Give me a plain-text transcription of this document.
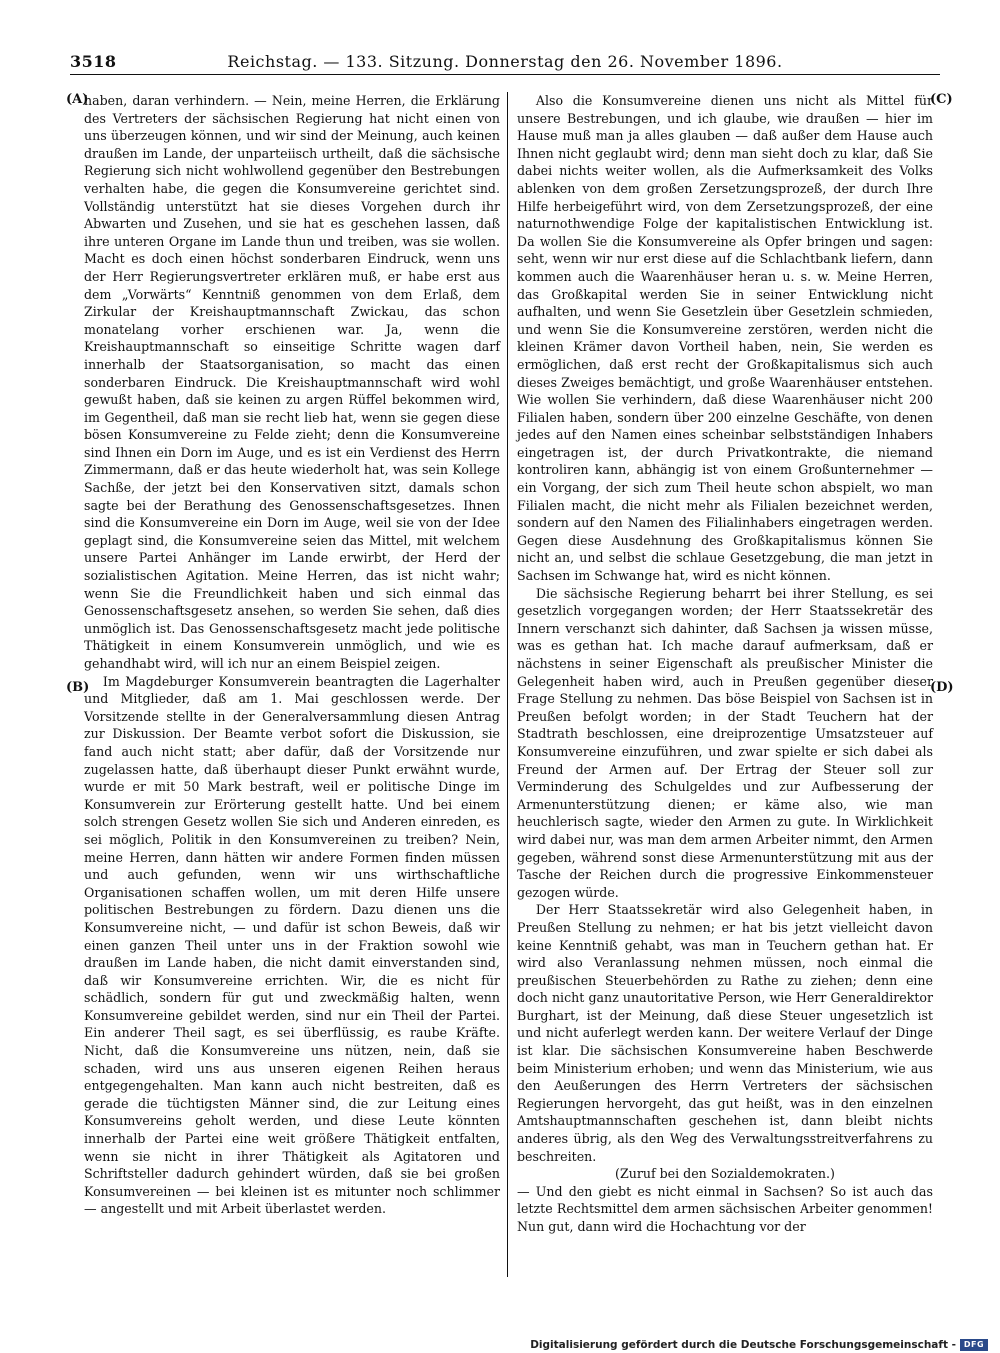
3518	Reichstag. — 133. Sitzung. Donnerstag den 26. November 1896.
(A)
(B)
(C)
(D)

haben, daran verhindern. — Nein, meine Herren, die Erklärung des Vertreters der sächsischen Regierung hat nicht einen von uns überzeugen können, und wir sind der Meinung, auch keinen draußen im Lande, der unparteiisch urtheilt, daß die sächsische Regierung sich nicht wohlwollend gegenüber den Bestrebungen verhalten habe, die gegen die Konsumvereine gerichtet sind. Vollständig unterstützt hat sie dieses Vorgehen durch ihr Abwarten und Zusehen, und sie hat es geschehen lassen, daß ihre unteren Organe im Lande thun und treiben, was sie wollen. Macht es doch einen höchst sonderbaren Eindruck, wenn uns der Herr Regierungsvertreter erklären muß, er habe erst aus dem „Vorwärts“ Kenntniß genommen von dem Erlaß, dem Zirkular der Kreishauptmannschaft Zwickau, das schon monatelang vorher erschienen war. Ja, wenn die Kreishauptmannschaft so einseitige Schritte wagen darf innerhalb der Staatsorganisation, so macht das einen sonderbaren Eindruck. Die Kreishauptmannschaft wird wohl gewußt haben, daß sie keinen zu argen Rüffel bekommen wird, im Gegentheil, daß man sie recht lieb hat, wenn sie gegen diese bösen Konsumvereine zu Felde zieht; denn die Konsumvereine sind Ihnen ein Dorn im Auge, und es ist ein Verdienst des Herrn Zimmermann, daß er das heute wiederholt hat, was sein Kollege Sachße, der jetzt bei den Konservativen sitzt, damals schon sagte bei der Berathung des Genossenschaftsgesetzes. Ihnen sind die Konsumvereine ein Dorn im Auge, weil sie von der Idee geplagt sind, die Konsumvereine seien das Mittel, mit welchem unsere Partei Anhänger im Lande erwirbt, der Herd der sozialistischen Agitation. Meine Herren, das ist nicht wahr; wenn Sie die Freundlichkeit haben und sich einmal das Genossenschaftsgesetz ansehen, so werden Sie sehen, daß dies unmöglich ist. Das Genossenschaftsgesetz macht jede politische Thätigkeit in einem Konsumverein unmöglich, und wie es gehandhabt wird, will ich nur an einem Beispiel zeigen.

Im Magdeburger Konsumverein beantragten die Lagerhalter und Mitglieder, daß am 1. Mai geschlossen werde. Der Vorsitzende stellte in der Generalversammlung diesen Antrag zur Diskussion. Der Beamte verbot sofort die Diskussion, sie fand auch nicht statt; aber dafür, daß der Vorsitzende nur zugelassen hatte, daß überhaupt dieser Punkt erwähnt wurde, wurde er mit 50 Mark bestraft, weil er politische Dinge im Konsumverein zur Erörterung gestellt hatte. Und bei einem solch strengen Gesetz wollen Sie sich und Anderen einreden, es sei möglich, Politik in den Konsumvereinen zu treiben? Nein, meine Herren, dann hätten wir andere Formen finden müssen und auch gefunden, wenn wir uns wirthschaftliche Organisationen schaffen wollen, um mit deren Hilfe unsere politischen Bestrebungen zu fördern. Dazu dienen uns die Konsumvereine nicht, — und dafür ist schon Beweis, daß wir einen ganzen Theil unter uns in der Fraktion sowohl wie draußen im Lande haben, die nicht damit einverstanden sind, daß wir Konsumvereine errichten. Wir, die es nicht für schädlich, sondern für gut und zweckmäßig halten, wenn Konsumvereine gebildet werden, sind nur ein Theil der Partei. Ein anderer Theil sagt, es sei überflüssig, es raube Kräfte. Nicht, daß die Konsumvereine uns nützen, nein, daß sie schaden, wird uns aus unseren eigenen Reihen heraus entgegengehalten. Man kann auch nicht bestreiten, daß es gerade die tüchtigsten Männer sind, die zur Leitung eines Konsumvereins geholt werden, und diese Leute könnten innerhalb der Partei eine weit größere Thätigkeit entfalten, wenn sie nicht in ihrer Thätigkeit als Agitatoren und Schriftsteller dadurch gehindert würden, daß sie bei großen Konsumvereinen — bei kleinen ist es mitunter noch schlimmer — angestellt und mit Arbeit überlastet werden.

Also die Konsumvereine dienen uns nicht als Mittel für unsere Bestrebungen, und ich glaube, wie draußen — hier im Hause muß man ja alles glauben — daß außer dem Hause auch Ihnen nicht geglaubt wird; denn man sieht doch zu klar, daß Sie dabei nichts weiter wollen, als die Aufmerksamkeit des Volks ablenken von dem großen Zersetzungsprozeß, der durch Ihre Hilfe herbeigeführt wird, von dem Zersetzungsprozeß, der eine naturnothwendige Folge der kapitalistischen Entwicklung ist. Da wollen Sie die Konsumvereine als Opfer bringen und sagen: seht, wenn wir nur erst diese auf die Schlachtbank liefern, dann kommen auch die Waarenhäuser heran u. s. w. Meine Herren, das Großkapital werden Sie in seiner Entwicklung nicht aufhalten, und wenn Sie Gesetzlein über Gesetzlein schmieden, und wenn Sie die Konsumvereine zerstören, werden nicht die kleinen Krämer davon Vortheil haben, nein, Sie werden es ermöglichen, daß erst recht der Großkapitalismus sich auch dieses Zweiges bemächtigt, und große Waarenhäuser entstehen. Wie wollen Sie verhindern, daß diese Waarenhäuser nicht 200 Filialen haben, sondern über 200 einzelne Geschäfte, von denen jedes auf den Namen eines scheinbar selbstständigen Inhabers eingetragen ist, der durch Privatkontrakte, die niemand kontroliren kann, abhängig ist von einem Großunternehmer — ein Vorgang, der sich zum Theil heute schon abspielt, wo man Filialen macht, die nicht mehr als Filialen bezeichnet werden, sondern auf den Namen des Filialinhabers eingetragen werden. Gegen diese Ausdehnung des Großkapitalismus können Sie nicht an, und selbst die schlaue Gesetzgebung, die man jetzt in Sachsen im Schwange hat, wird es nicht können.

Die sächsische Regierung beharrt bei ihrer Stellung, es sei gesetzlich vorgegangen worden; der Herr Staatssekretär des Innern verschanzt sich dahinter, daß Sachsen ja wissen müsse, was es gethan hat. Ich mache darauf aufmerksam, daß er nächstens in seiner Eigenschaft als preußischer Minister die Gelegenheit haben wird, auch in Preußen gegenüber dieser Frage Stellung zu nehmen. Das böse Beispiel von Sachsen ist in Preußen befolgt worden; in der Stadt Teuchern hat der Stadtrath beschlossen, eine dreiprozentige Umsatzsteuer auf Konsumvereine einzuführen, und zwar spielte er sich dabei als Freund der Armen auf. Der Ertrag der Steuer soll zur Verminderung des Schulgeldes und zur Aufbesserung der Armenunterstützung dienen; er käme also, wie man heuchlerisch sagte, wieder den Armen zu gute. In Wirklichkeit wird dabei nur, was man dem armen Arbeiter nimmt, den Armen gegeben, während sonst diese Armenunterstützung mit aus der Tasche der Reichen durch die progressive Einkommensteuer gezogen würde.

Der Herr Staatssekretär wird also Gelegenheit haben, in Preußen Stellung zu nehmen; er hat bis jetzt vielleicht davon keine Kenntniß gehabt, was man in Teuchern gethan hat. Er wird also Veranlassung nehmen müssen, noch einmal die preußischen Steuerbehörden zu Rathe zu ziehen; denn eine doch nicht ganz unautoritative Person, wie Herr Generaldirektor Burghart, ist der Meinung, daß diese Steuer ungesetzlich ist und nicht auferlegt werden kann. Der weitere Verlauf der Dinge ist klar. Die sächsischen Konsumvereine haben Beschwerde beim Ministerium erhoben; und wenn das Ministerium, wie aus den Aeußerungen des Herrn Vertreters der sächsischen Regierungen hervorgeht, das gut heißt, was in den einzelnen Amtshauptmannschaften geschehen ist, dann bleibt nichts anderes übrig, als den Weg des Verwaltungsstreitverfahrens zu beschreiten.

(Zuruf bei den Sozialdemokraten.)

— Und den giebt es nicht einmal in Sachsen? So ist auch das letzte Rechtsmittel dem armen sächsischen Arbeiter genommen! Nun gut, dann wird die Hochachtung vor der

Digitalisierung gefördert durch die Deutsche Forschungsgemeinschaft - DFG
